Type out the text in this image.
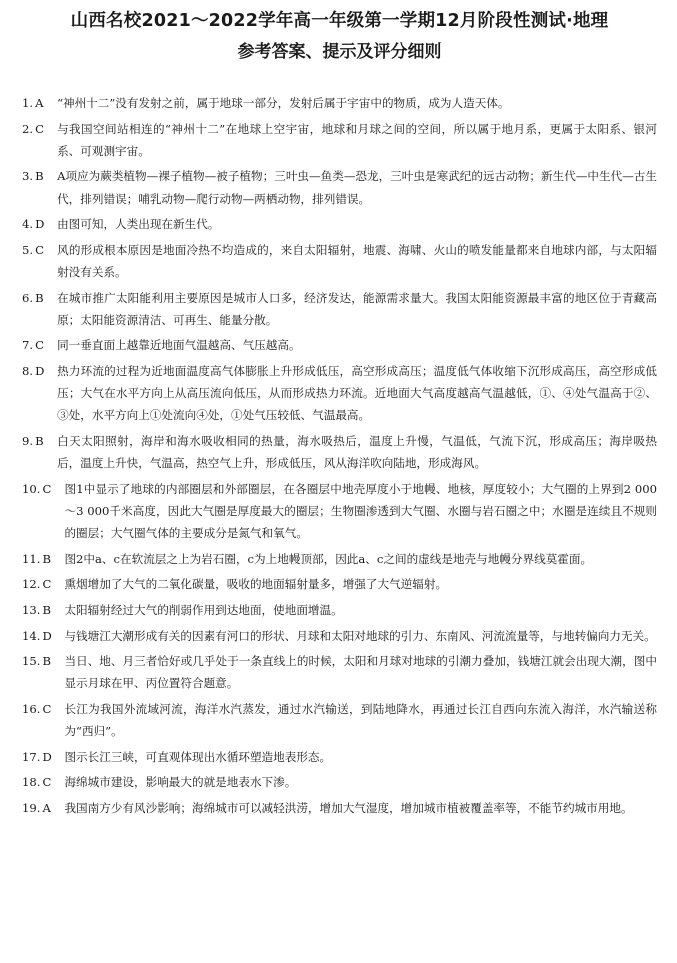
山西名校2021～2022学年高一年级第一学期12月阶段性测试·地理
参考答案、提示及评分细则
1. A	“神州十二”没有发射之前，属于地球一部分，发射后属于宇宙中的物质，成为人造天体。
2. C	与我国空间站相连的“神州十二”在地球上空宇宙，地球和月球之间的空间，所以属于地月系，更属于太阳系、银河系、可观测宇宙。
3. B	A项应为蕨类植物—裸子植物—被子植物；三叶虫—鱼类—恐龙，三叶虫是寒武纪的远古动物；新生代—中生代—古生代，排列错误；哺乳动物—爬行动物—两栖动物，排列错误。
4. D	由图可知，人类出现在新生代。
5. C	风的形成根本原因是地面冷热不均造成的，来自太阳辐射，地震、海啸、火山的喷发能量都来自地球内部，与太阳辐射没有关系。
6. B	在城市推广太阳能利用主要原因是城市人口多，经济发达，能源需求量大。我国太阳能资源最丰富的地区位于青藏高原；太阳能资源清洁、可再生、能量分散。
7. C	同一垂直面上越靠近地面气温越高、气压越高。
8. D	热力环流的过程为近地面温度高气体膨胀上升形成低压，高空形成高压；温度低气体收缩下沉形成高压，高空形成低压；大气在水平方向上从高压流向低压，从而形成热力环流。近地面大气高度越高气温越低，①、④处气温高于②、③处，水平方向上①处流向④处，①处气压较低、气温最高。
9. B	白天太阳照射，海岸和海水吸收相同的热量，海水吸热后，温度上升慢，气温低，气流下沉，形成高压；海岸吸热后，温度上升快，气温高，热空气上升，形成低压，风从海洋吹向陆地，形成海风。
10. C	图1中显示了地球的内部圈层和外部圈层，在各圈层中地壳厚度小于地幔、地核，厚度较小；大气圈的上界到2 000～3 000千米高度，因此大气圈是厚度最大的圈层；生物圈渗透到大气圈、水圈与岩石圈之中；水圈是连续且不规则的圈层；大气圈气体的主要成分是氮气和氧气。
11. B	图2中a、c在软流层之上为岩石圈，c为上地幔顶部，因此a、c之间的虚线是地壳与地幔分界线莫霍面。
12. C	熏烟增加了大气的二氧化碳量，吸收的地面辐射量多，增强了大气逆辐射。
13. B	太阳辐射经过大气的削弱作用到达地面，使地面增温。
14. D	与钱塘江大潮形成有关的因素有河口的形状、月球和太阳对地球的引力、东南风、河流流量等，与地转偏向力无关。
15. B	当日、地、月三者恰好或几乎处于一条直线上的时候，太阳和月球对地球的引潮力叠加，钱塘江就会出现大潮，图中显示月球在甲、丙位置符合题意。
16. C	长江为我国外流域河流，海洋水汽蒸发，通过水汽输送，到陆地降水，再通过长江自西向东流入海洋，水汽输送称为“西归”。
17. D	图示长江三峡，可直观体现出水循环塑造地表形态。
18. C	海绵城市建设，影响最大的就是地表水下渗。
19. A	我国南方少有风沙影响；海绵城市可以减轻洪涝，增加大气湿度，增加城市植被覆盖率等，不能节约城市用地。
